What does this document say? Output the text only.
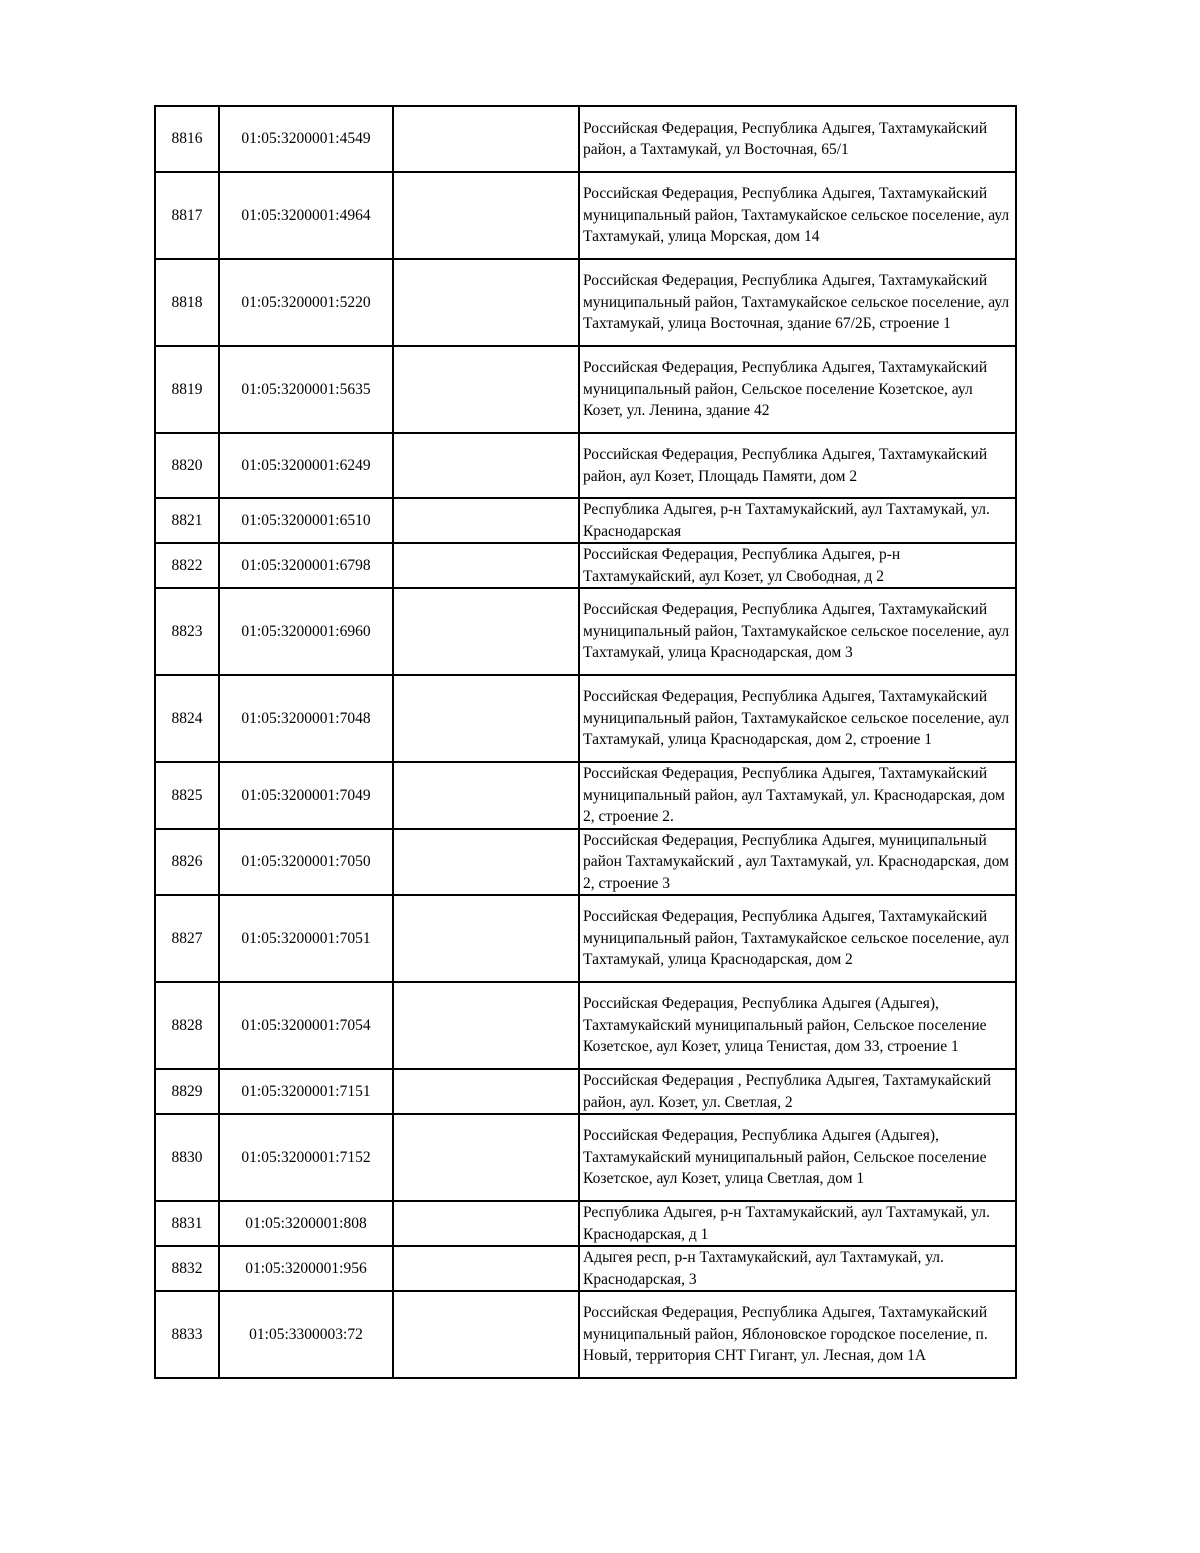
8816	01:05:3200001:4549		Российская Федерация, Республика Адыгея, Тахтамукайский район, а Тахтамукай, ул Восточная, 65/1
8817	01:05:3200001:4964		Российская Федерация, Республика Адыгея, Тахтамукайский муниципальный район, Тахтамукайское сельское поселение, аул Тахтамукай, улица Морская, дом 14
8818	01:05:3200001:5220		Российская Федерация, Республика Адыгея, Тахтамукайский муниципальный район, Тахтамукайское сельское поселение, аул Тахтамукай, улица Восточная, здание 67/2Б, строение 1
8819	01:05:3200001:5635		Российская Федерация, Республика Адыгея, Тахтамукайский муниципальный район, Сельское поселение Козетское, аул Козет, ул. Ленина, здание 42
8820	01:05:3200001:6249		Российская Федерация, Республика Адыгея, Тахтамукайский район, аул Козет, Площадь Памяти, дом 2
8821	01:05:3200001:6510		Республика Адыгея, р-н Тахтамукайский, аул Тахтамукай, ул. Краснодарская
8822	01:05:3200001:6798		Российская Федерация, Республика Адыгея, р-н Тахтамукайский, аул Козет, ул Свободная, д 2
8823	01:05:3200001:6960		Российская Федерация, Республика Адыгея, Тахтамукайский муниципальный район, Тахтамукайское сельское поселение, аул Тахтамукай, улица Краснодарская, дом 3
8824	01:05:3200001:7048		Российская Федерация, Республика Адыгея, Тахтамукайский муниципальный район, Тахтамукайское сельское поселение, аул Тахтамукай, улица Краснодарская, дом 2, строение 1
8825	01:05:3200001:7049		Российская Федерация, Республика Адыгея, Тахтамукайский муниципальный район, аул Тахтамукай, ул. Краснодарская, дом 2, строение 2.
8826	01:05:3200001:7050		Российская Федерация, Республика Адыгея, муниципальный район Тахтамукайский , аул Тахтамукай, ул. Краснодарская, дом 2, строение 3
8827	01:05:3200001:7051		Российская Федерация, Республика Адыгея, Тахтамукайский муниципальный район, Тахтамукайское сельское поселение, аул Тахтамукай, улица Краснодарская, дом 2
8828	01:05:3200001:7054		Российская Федерация, Республика Адыгея (Адыгея), Тахтамукайский муниципальный район, Сельское поселение Козетское, аул Козет, улица Тенистая, дом 33, строение 1
8829	01:05:3200001:7151		Российская Федерация , Республика Адыгея, Тахтамукайский район, аул. Козет, ул. Светлая, 2
8830	01:05:3200001:7152		Российская Федерация, Республика Адыгея (Адыгея), Тахтамукайский муниципальный район, Сельское поселение Козетское, аул Козет, улица Светлая, дом 1
8831	01:05:3200001:808		Республика Адыгея, р-н Тахтамукайский, аул Тахтамукай, ул. Краснодарская, д 1
8832	01:05:3200001:956		Адыгея респ, р-н Тахтамукайский, аул Тахтамукай, ул. Краснодарская, 3
8833	01:05:3300003:72		Российская Федерация, Республика Адыгея, Тахтамукайский муниципальный район, Яблоновское городское поселение, п. Новый, территория СНТ Гигант, ул. Лесная, дом 1А
